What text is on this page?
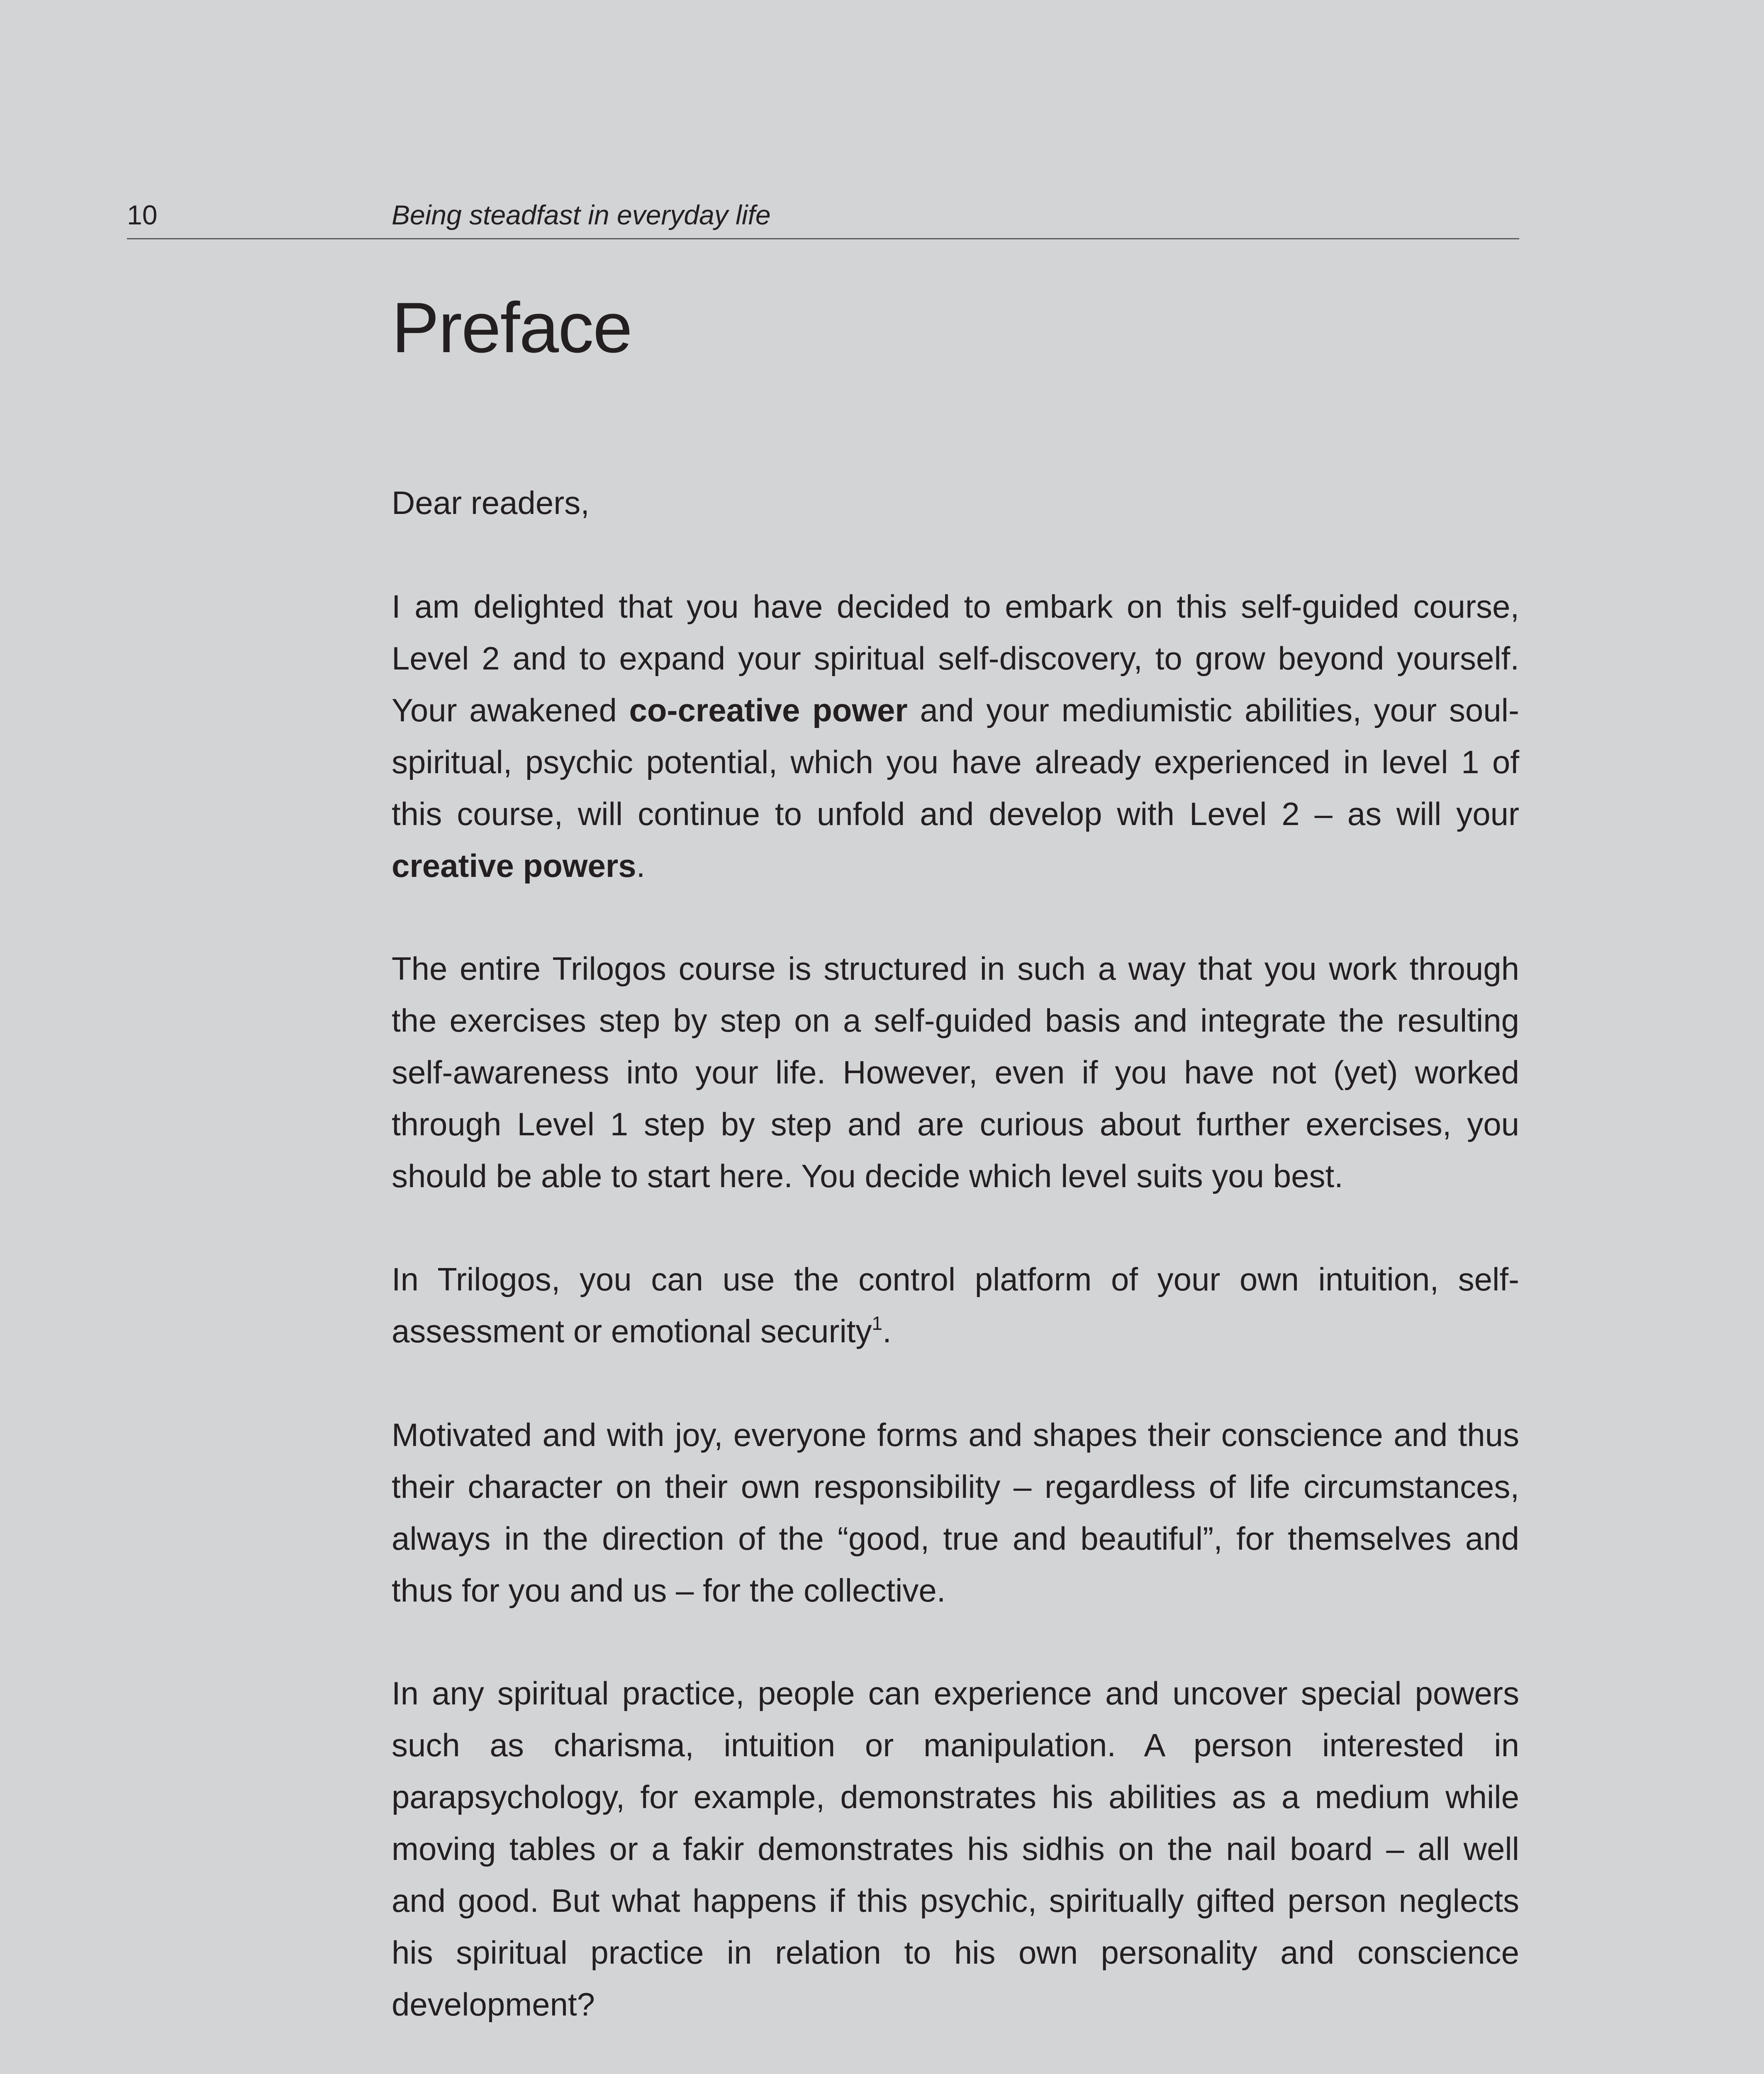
10	Being steadfast in everyday life
Preface

Dear readers,

I am delighted that you have decided to embark on this self-guided course, Level 2 and to expand your spiritual self-discovery, to grow beyond yourself. Your awakened co-creative power and your mediumistic abilities, your soul-spiritual, psychic potential, which you have already experienced in level 1 of this course, will continue to unfold and develop with Level 2 – as will your creative powers.

The entire Trilogos course is structured in such a way that you work through the exercises step by step on a self-guided basis and integrate the resulting self-awareness into your life. However, even if you have not (yet) worked through Level 1 step by step and are curious about further exercises, you should be able to start here. You decide which level suits you best.

In Trilogos, you can use the control platform of your own intuition, self-assessment or emotional security$^1$.

Motivated and with joy, everyone forms and shapes their conscience and thus their character on their own responsibility – regardless of life circumstances, always in the direction of the “good, true and beautiful”, for themselves and thus for you and us – for the collective.

In any spiritual practice, people can experience and uncover special powers such as charisma, intuition or manipulation. A person interested in parapsychology, for example, demonstrates his abilities as a medium while moving tables or a fakir demonstrates his sidhis on the nail board – all well and good. But what happens if this psychic, spiritually gifted person neglects his spiritual practice in relation to his own personality and conscience development?
